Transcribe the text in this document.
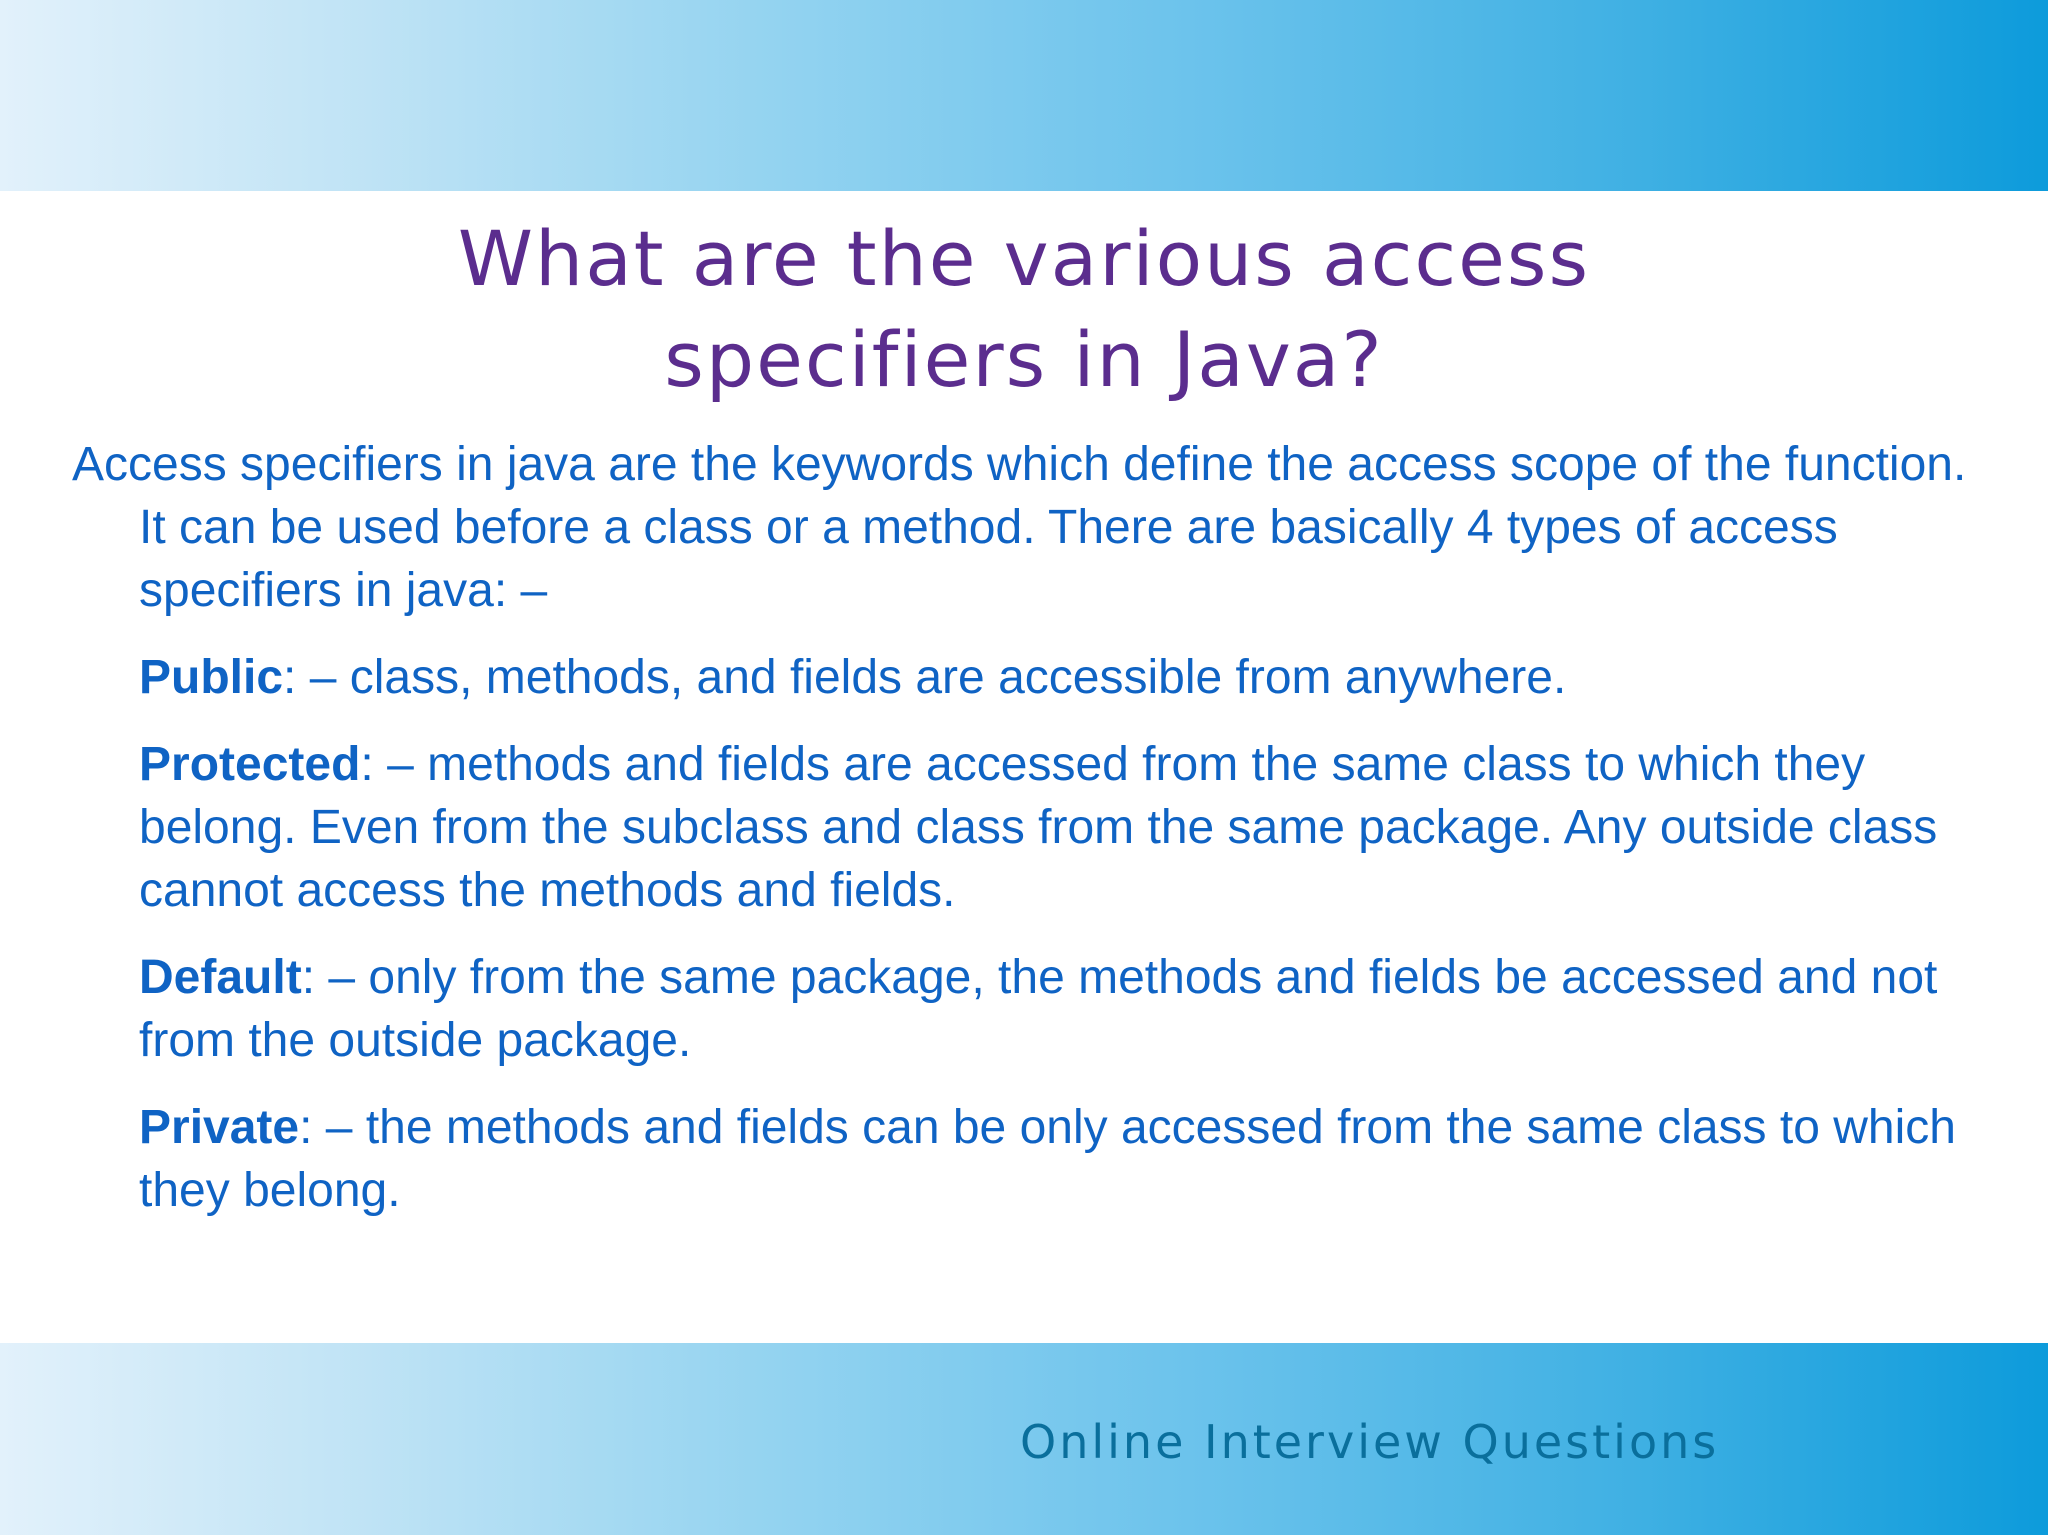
What are the various access
specifiers in Java?

Access specifiers in java are the keywords which define the access scope of the function. It can be used before a class or a method. There are basically 4 types of access specifiers in java: –

Public: – class, methods, and fields are accessible from anywhere.

Protected: – methods and fields are accessed from the same class to which they belong. Even from the subclass and class from the same package. Any outside class cannot access the methods and fields.

Default: – only from the same package, the methods and fields be accessed and not from the outside package.

Private: – the methods and fields can be only accessed from the same class to which they belong.

Online Interview Questions
